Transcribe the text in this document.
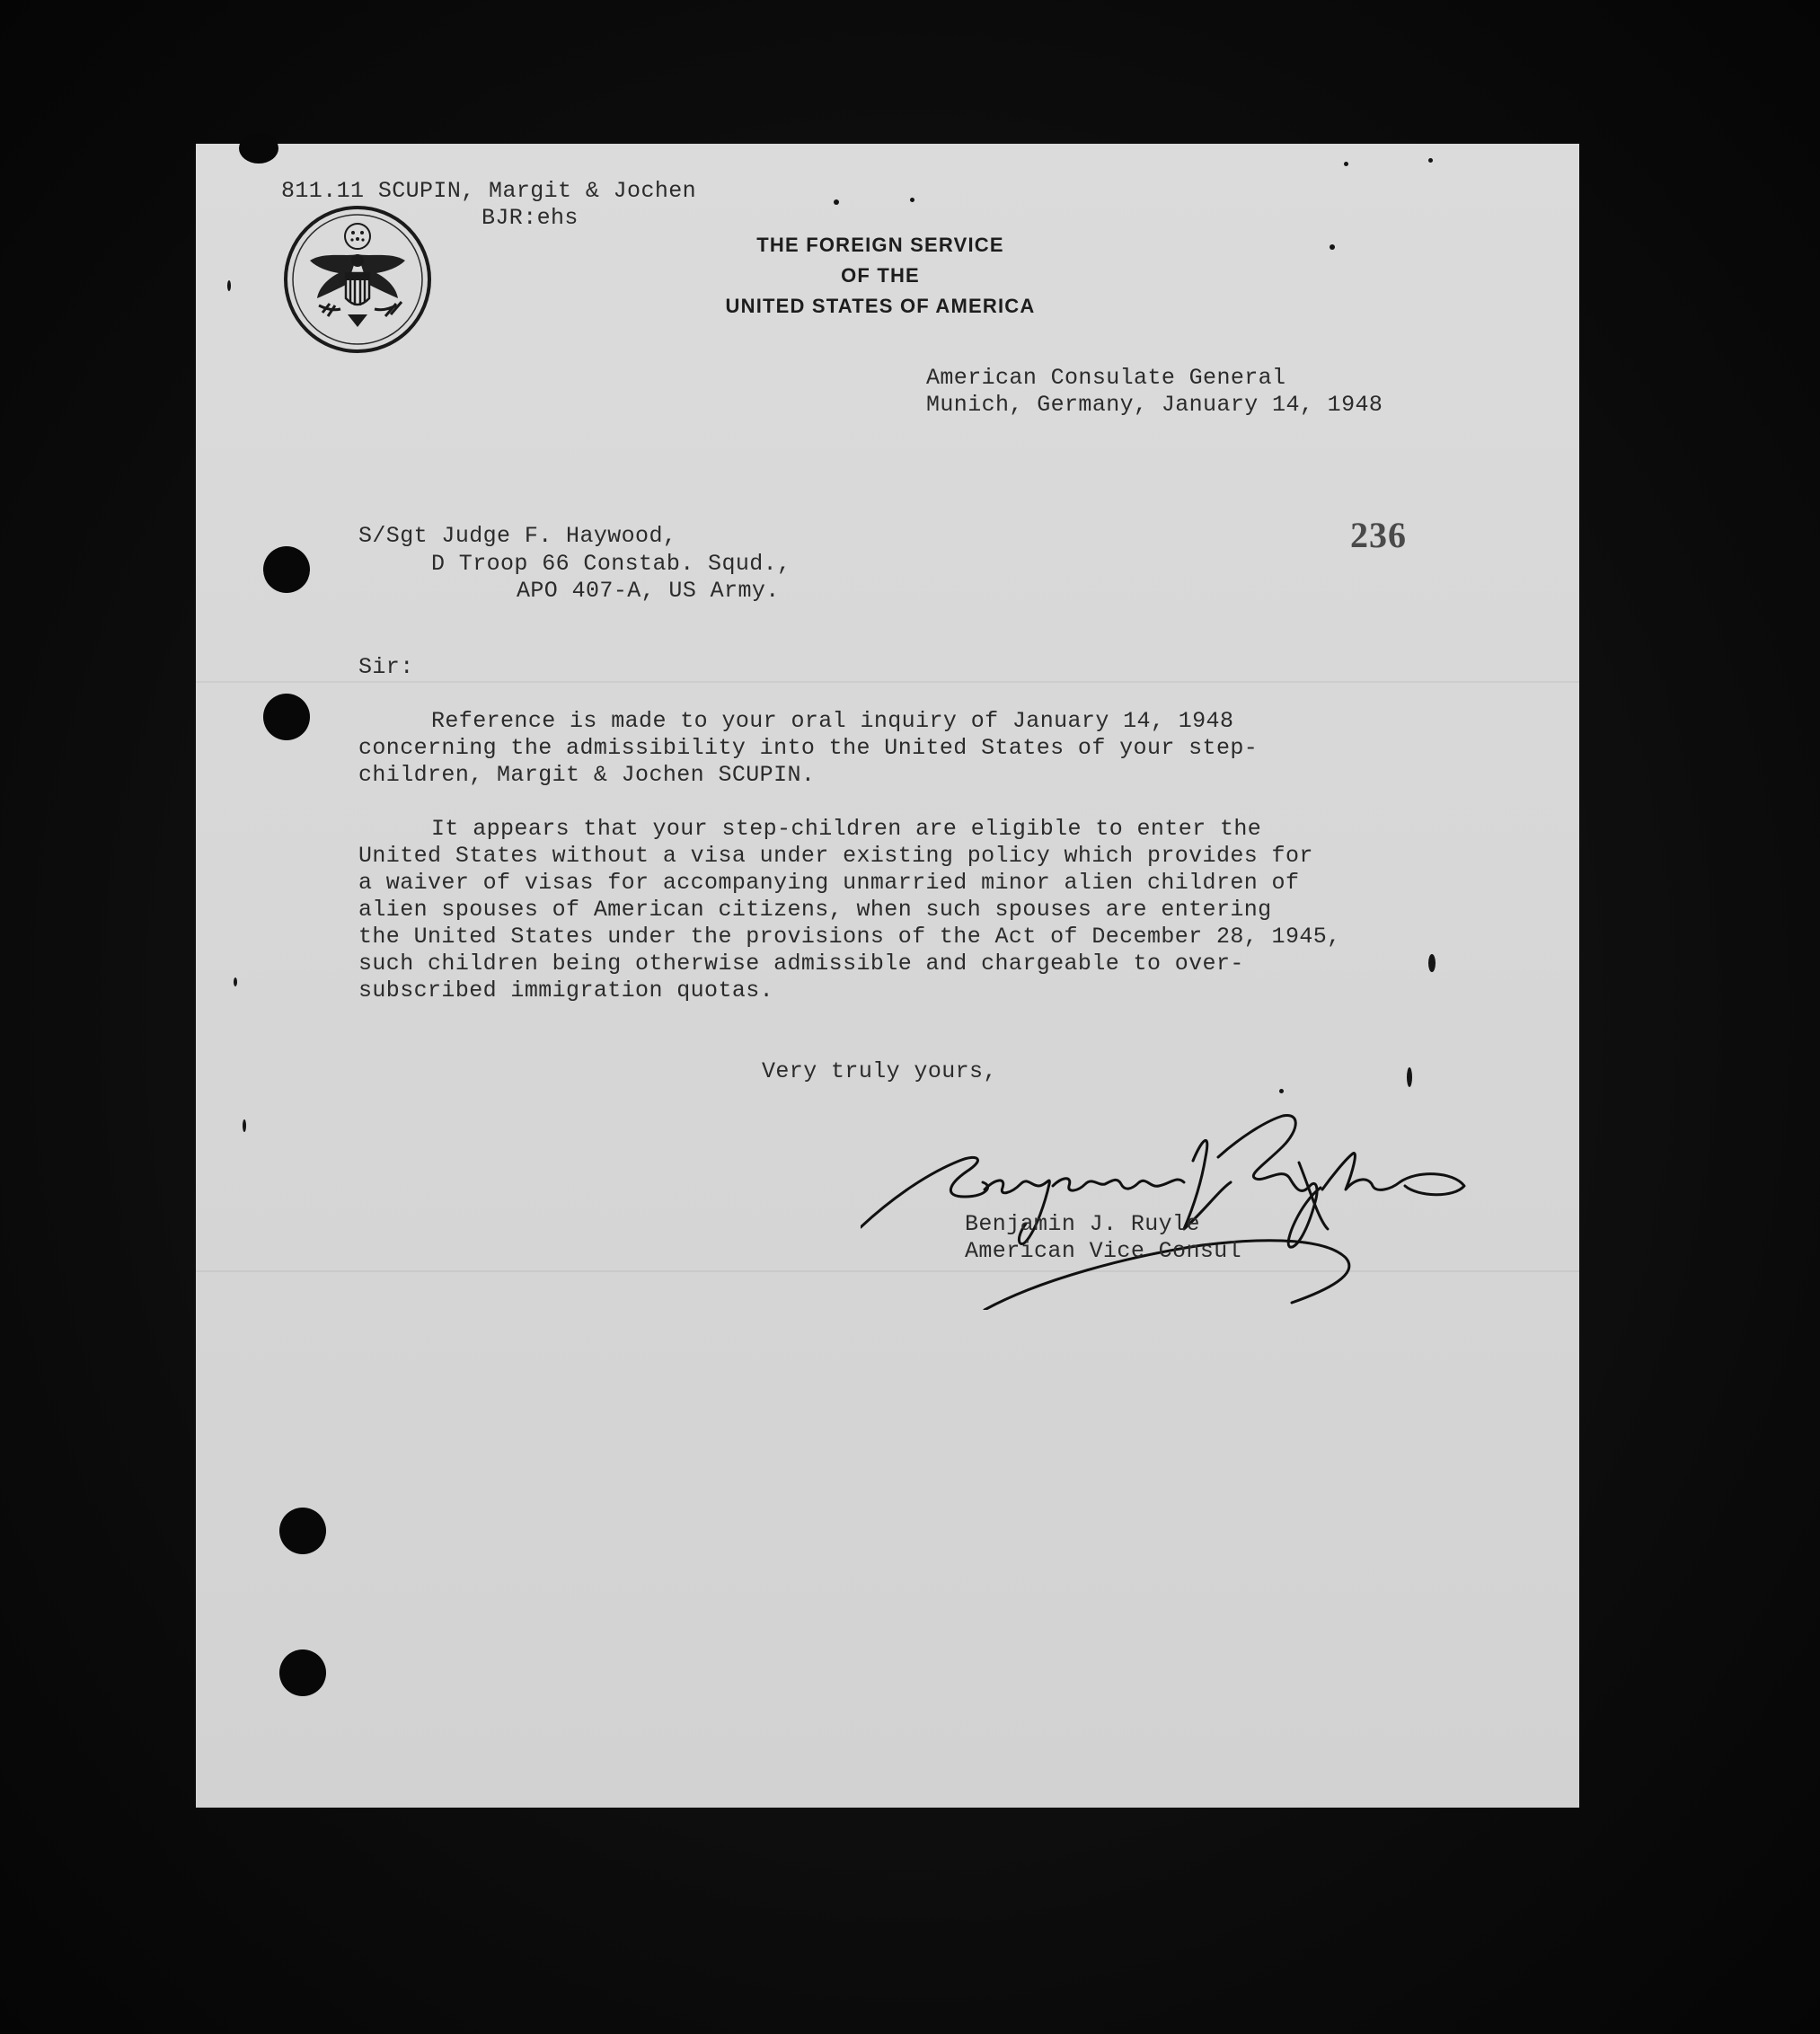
811.11 SCUPIN, Margit & Jochen
BJR:ehs
THE FOREIGN SERVICE
OF THE
UNITED STATES OF AMERICA
American Consulate General
Munich, Germany, January 14, 1948
236
S/Sgt Judge F. Haywood,
D Troop 66 Constab. Squd.,
APO 407-A, US Army.
Sir:
Reference is made to your oral inquiry of January 14, 1948
concerning the admissibility into the United States of your step-
children, Margit & Jochen SCUPIN.
It appears that your step-children are eligible to enter the
United States without a visa under existing policy which provides for
a waiver of visas for accompanying unmarried minor alien children of
alien spouses of American citizens, when such spouses are entering
the United States under the provisions of the Act of December 28, 1945,
such children being otherwise admissible and chargeable to over-
subscribed immigration quotas.
Very truly yours,
Benjamin J. Ruyle
American Vice Consul
